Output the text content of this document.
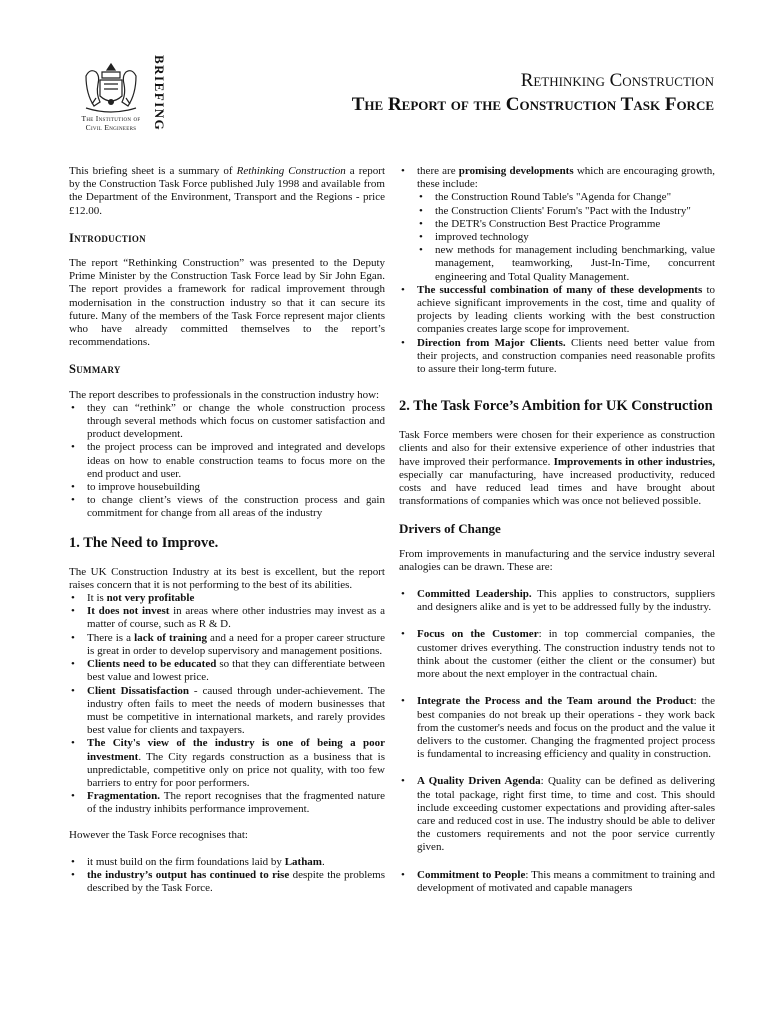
The Institution of
Civil Engineers	BRIEFING	Rethinking Construction
The Report of the Construction Task Force

This briefing sheet is a summary of Rethinking Construction a report by the Construction Task Force published July 1998 and available from the Department of the Environment, Transport and the Regions - price £12.00.

Introduction

The report “Rethinking Construction” was presented to the Deputy Prime Minister by the Construction Task Force lead by Sir John Egan. The report provides a framework for radical improvement through modernisation in the construction industry so that it can secure its future. Many of the members of the Task Force represent major clients who have already committed themselves to the report’s recommendations.

Summary
The report describes to professionals in the construction industry how:
• they can “rethink” or change the whole construction process through several methods which focus on customer satisfaction and product development.
• the project process can be improved and integrated and develops ideas on how to enable construction teams to focus more on the end product and user.
• to improve housebuilding
• to change client’s views of the construction process and gain commitment for change from all areas of the industry
1. The Need to Improve.
The UK Construction Industry at its best is excellent, but the report raises concern that it is not performing to the best of its abilities.
• It is not very profitable
• It does not invest in areas where other industries may invest as a matter of course, such as R & D.
• There is a lack of training and a need for a proper career structure is great in order to develop supervisory and management positions.
• Clients need to be educated so that they can differentiate between best value and lowest price.
• Client Dissatisfaction - caused through under-achievement. The industry often fails to meet the needs of modern businesses that must be competitive in international markets, and rarely provides best value for clients and taxpayers.
• The City's view of the industry is one of being a poor investment. The City regards construction as a business that is unpredictable, competitive only on price not quality, with too few barriers to entry for poor performers.
• Fragmentation. The report recognises that the fragmented nature of the industry inhibits performance improvement.

However the Task Force recognises that:

• it must build on the firm foundations laid by Latham.
• the industry’s output has continued to rise despite the problems described by the Task Force.
• there are promising developments which are encouraging growth, these include:
• the Construction Round Table's "Agenda for Change"
• the Construction Clients' Forum's "Pact with the Industry"
• the DETR's Construction Best Practice Programme
• improved technology
• new methods for management including benchmarking, value management, teamworking, Just-In-Time, concurrent engineering and Total Quality Management.
• The successful combination of many of these developments to achieve significant improvements in the cost, time and quality of projects by leading clients working with the best construction companies creates large scope for improvement.
• Direction from Major Clients. Clients need better value from their projects, and construction companies need reasonable profits to assure their long-term future.
2. The Task Force’s Ambition for UK Construction

Task Force members were chosen for their experience as construction clients and also for their extensive experience of other industries that have improved their performance. Improvements in other industries, especially car manufacturing, have increased productivity, reduced costs and have reduced lead times and have brought about transformations of companies which was once not believed possible.

Drivers of Change

From improvements in manufacturing and the service industry several analogies can be drawn. These are:

• Committed Leadership. This applies to constructors, suppliers and designers alike and is yet to be addressed fully by the industry.
• Focus on the Customer: in top commercial companies, the customer drives everything. The construction industry tends not to think about the customer (either the client or the consumer) but more about the next employer in the contractual chain.
• Integrate the Process and the Team around the Product: the best companies do not break up their operations - they work back from the customer's needs and focus on the product and the value it delivers to the customer. Changing the fragmented project process is fundamental to increasing efficiency and quality in construction.
• A Quality Driven Agenda: Quality can be defined as delivering the total package, right first time, to time and cost. This should include exceeding customer expectations and providing after-sales care and reduced cost in use. The industry should be able to deliver the customers requirements and not the poor service currently given.
• Commitment to People: This means a commitment to training and development of motivated and capable managers
